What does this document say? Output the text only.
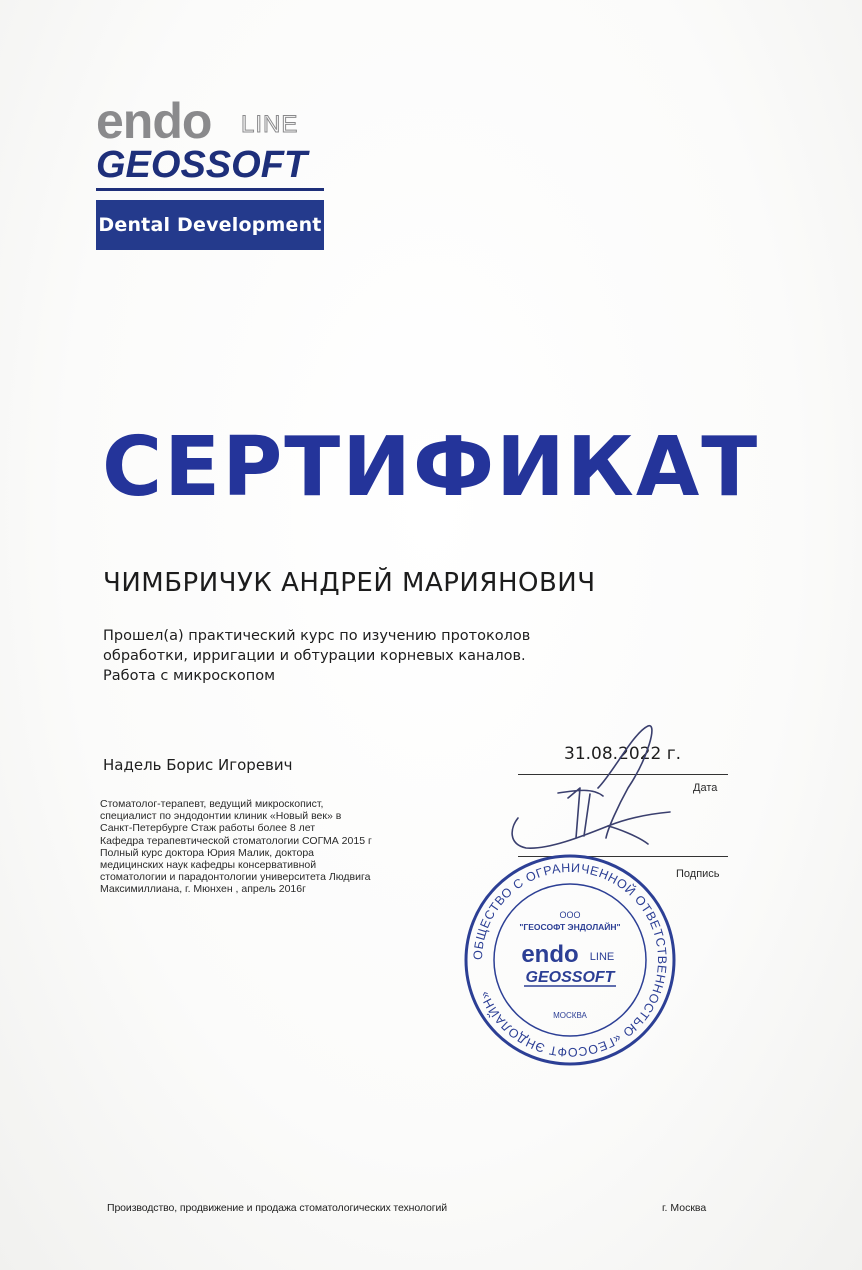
endo LINE
GEOSSOFT
Dental Development
СЕРТИФИКАТ
ЧИМБРИЧУК АНДРЕЙ МАРИЯНОВИЧ
Прошел(а) практический курс по изучению протоколов
обработки, ирригации и обтурации корневых каналов.
Работа с микроскопом
Надель Борис Игоревич
Стоматолог-терапевт, ведущий микроскопист,
специалист по эндодонтии клиник «Новый век» в
Санкт-Петербурге Стаж работы более 8 лет
Кафедра терапевтической стоматологии СОГМА 2015 г
Полный курс доктора Юрия Малик, доктора
медицинских наук кафедры консервативной
стоматологии и парадонтологии университета Людвига
Максимиллиана, г. Мюнхен , апрель 2016г
31.08.2022 г.
Дата
Подпись
ОБЩЕСТВО С ОГРАНИЧЕННОЙ ОТВЕТСТВЕННОСТЬЮ «ГЕОСОФТ ЭНДОЛАЙН»
ООО
"ГЕОСОФТ ЭНДОЛАЙН"
endo LINE
GEOSSOFT
МОСКВА
Производство, продвижение и продажа стоматологических технологий	г. Москва
